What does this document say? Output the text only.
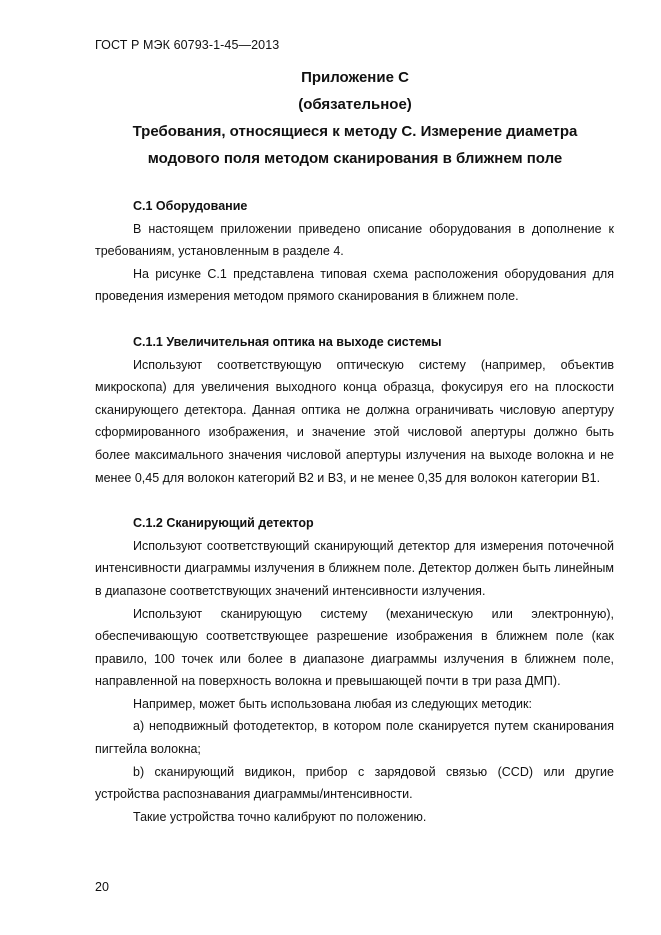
ГОСТ Р МЭК 60793-1-45—2013
Приложение С
(обязательное)
Требования, относящиеся к методу С. Измерение диаметра
модового поля методом сканирования в ближнем поле
С.1 Оборудование

В настоящем приложении приведено описание оборудования в дополнение к требованиям, установленным в разделе 4.

На рисунке С.1 представлена типовая схема расположения оборудования для проведения измерения методом прямого сканирования в ближнем поле.

С.1.1 Увеличительная оптика на выходе системы

Используют соответствующую оптическую систему (например, объектив микроскопа) для увеличения выходного конца образца, фокусируя его на плоскости сканирующего детектора. Данная оптика не должна ограничивать числовую апертуру сформированного изображения, и значение этой числовой апертуры должно быть более максимального значения числовой апертуры излучения на выходе волокна и не менее 0,45 для волокон категорий В2 и В3, и не менее 0,35 для волокон категории В1.

С.1.2 Сканирующий детектор

Используют соответствующий сканирующий детектор для измерения поточечной интенсивности диаграммы излучения в ближнем поле. Детектор должен быть линейным в диапазоне соответствующих значений интенсивности излучения.

Используют сканирующую систему (механическую или электронную), обеспечивающую соответствующее разрешение изображения в ближнем поле (как правило, 100 точек или более в диапазоне диаграммы излучения в ближнем поле, направленной на поверхность волокна и превышающей почти в три раза ДМП).

Например, может быть использована любая из следующих методик:

а) неподвижный фотодетектор, в котором поле сканируется путем сканирования пигтейла волокна;

b) сканирующий видикон, прибор с зарядовой связью (CCD) или другие устройства распознавания диаграммы/интенсивности.

Такие устройства точно калибруют по положению.

20
